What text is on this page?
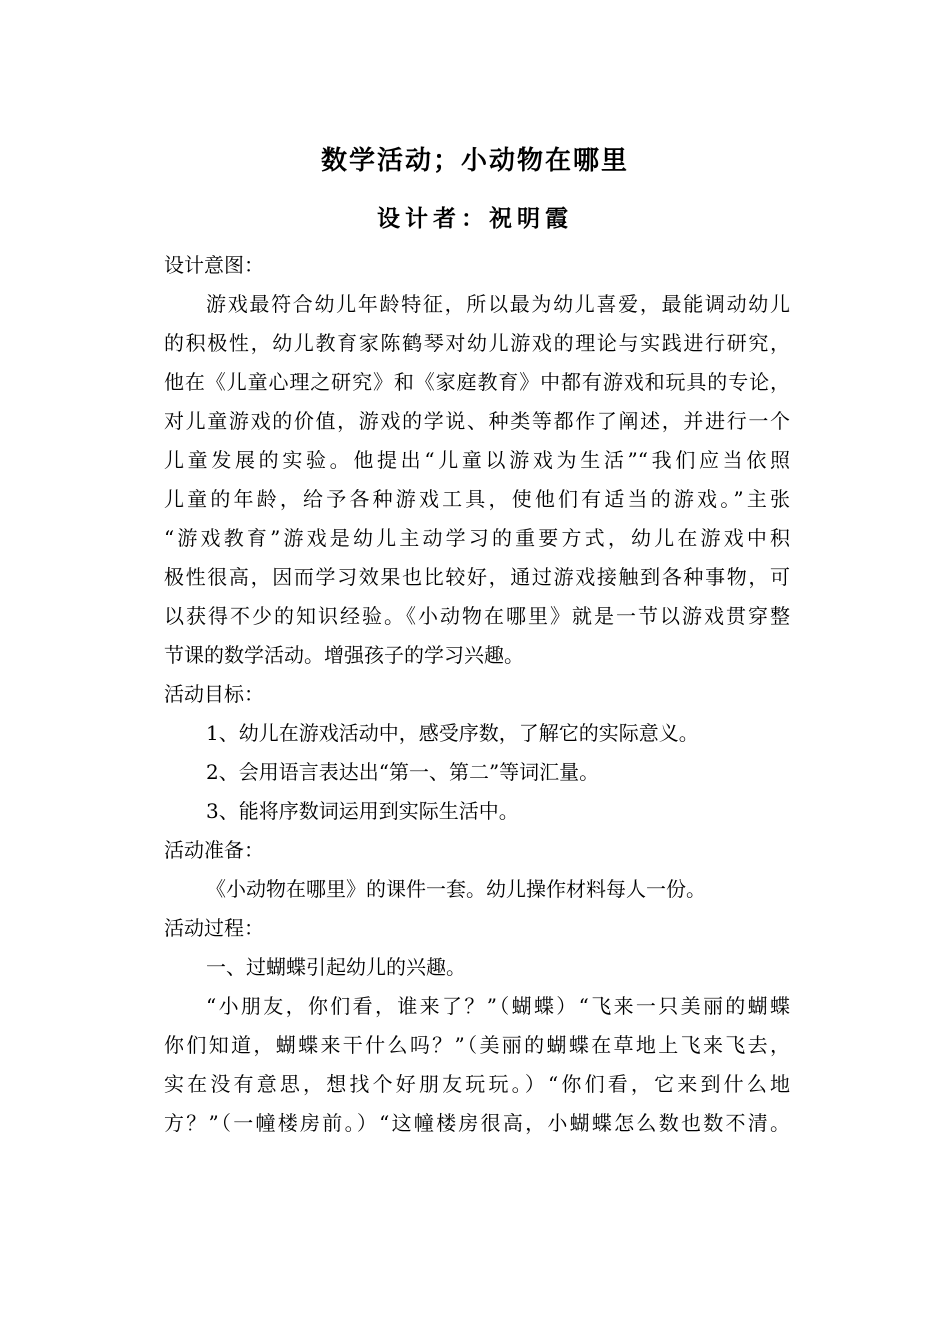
数学活动；小动物在哪里
设计者：祝明霞
设计意图：
游戏最符合幼儿年龄特征，所以最为幼儿喜爱，最能调动幼儿
的积极性，幼儿教育家陈鹤琴对幼儿游戏的理论与实践进行研究，
他在《儿童心理之研究》和《家庭教育》中都有游戏和玩具的专论，
对儿童游戏的价值，游戏的学说、种类等都作了阐述，并进行一个
儿童发展的实验。他提出“儿童以游戏为生活”“我们应当依照
儿童的年龄，给予各种游戏工具，使他们有适当的游戏。”主张
“游戏教育”游戏是幼儿主动学习的重要方式，幼儿在游戏中积
极性很高，因而学习效果也比较好，通过游戏接触到各种事物，可
以获得不少的知识经验。《小动物在哪里》就是一节以游戏贯穿整
节课的数学活动。增强孩子的学习兴趣。
活动目标：
1、幼儿在游戏活动中，感受序数，了解它的实际意义。
2、会用语言表达出“第一、第二”等词汇量。
3、能将序数词运用到实际生活中。
活动准备：
《小动物在哪里》的课件一套。幼儿操作材料每人一份。
活动过程：
一、过蝴蝶引起幼儿的兴趣。
“小朋友，你们看，谁来了？”（蝴蝶）“飞来一只美丽的蝴蝶
你们知道，蝴蝶来干什么吗？”（美丽的蝴蝶在草地上飞来飞去，
实在没有意思，想找个好朋友玩玩。）“你们看，它来到什么地
方？”（一幢楼房前。）“这幢楼房很高，小蝴蝶怎么数也数不清。
